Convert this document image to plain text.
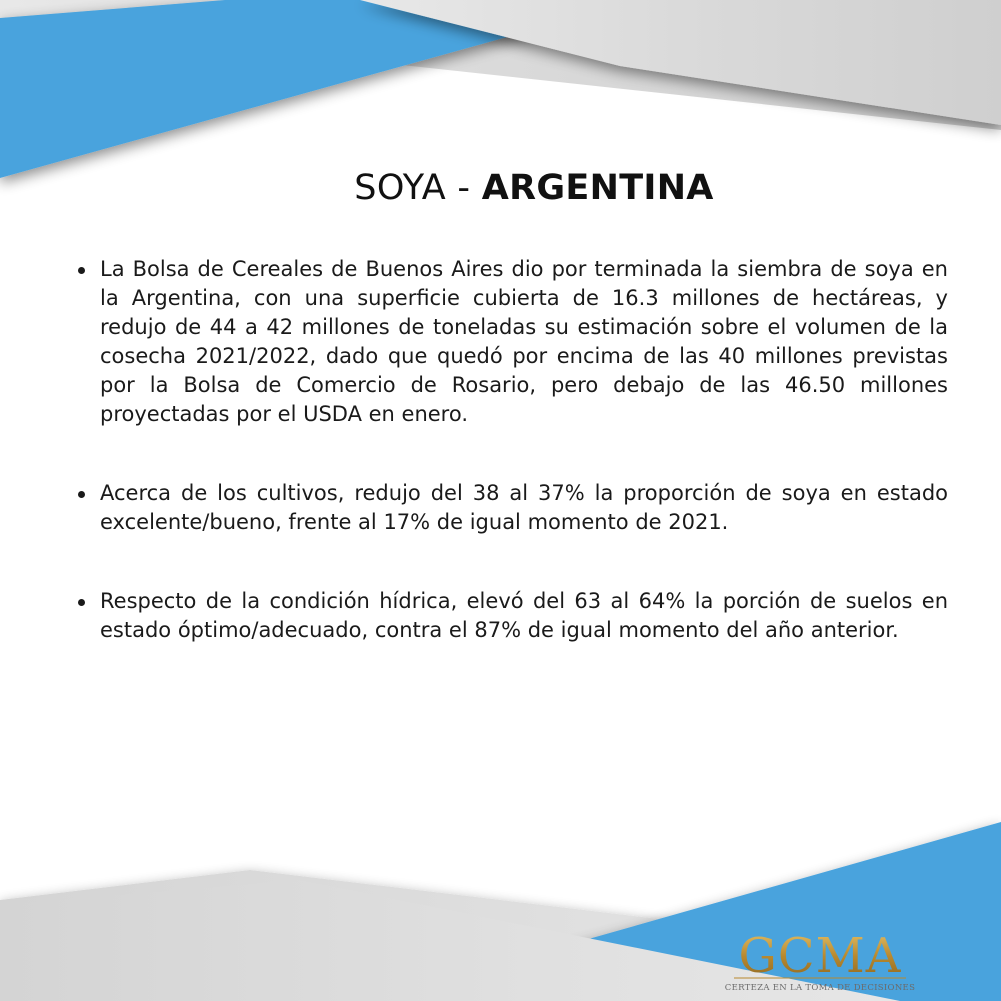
SOYA - ARGENTINA
La Bolsa de Cereales de Buenos Aires dio por terminada la siembra de soya en la Argentina, con una superficie cubierta de 16.3 millones de hectáreas, y redujo de 44 a 42 millones de toneladas su estimación sobre el volumen de la cosecha 2021/2022, dado que quedó por encima de las 40 millones previstas por la Bolsa de Comercio de Rosario, pero debajo de las 46.50 millones proyectadas por el USDA en enero.
Acerca de los cultivos, redujo del 38 al 37% la proporción de soya en estado excelente/bueno, frente al 17% de igual momento de 2021.
Respecto de la condición hídrica, elevó del 63 al 64% la porción de suelos en estado óptimo/adecuado, contra el 87% de igual momento del año anterior.
GCMA
CERTEZA EN LA TOMA DE DECISIONES
